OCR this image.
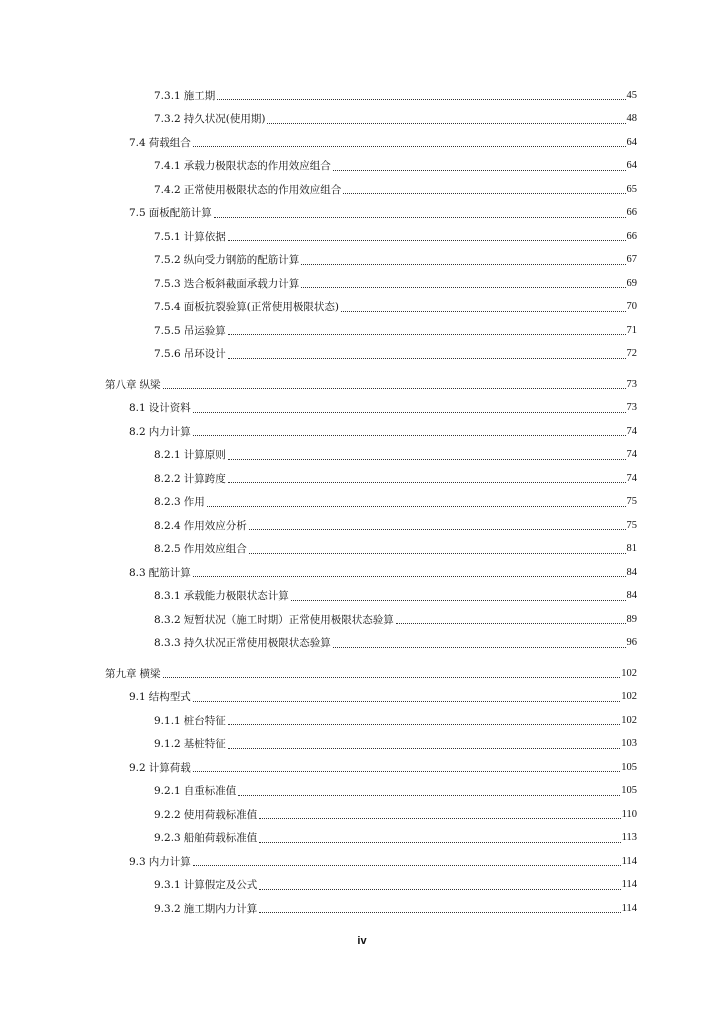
7.3.1 施工期	45
7.3.2 持久状况(使用期)	48
7.4 荷载组合	64
7.4.1 承载力极限状态的作用效应组合	64
7.4.2 正常使用极限状态的作用效应组合	65
7.5 面板配筋计算	66
7.5.1 计算依据	66
7.5.2 纵向受力钢筋的配筋计算	67
7.5.3 迭合板斜截面承载力计算	69
7.5.4 面板抗裂验算(正常使用极限状态)	70
7.5.5 吊运验算	71
7.5.6 吊环设计	72
第八章 纵梁	73
8.1 设计资料	73
8.2 内力计算	74
8.2.1 计算原则	74
8.2.2 计算跨度	74
8.2.3 作用	75
8.2.4 作用效应分析	75
8.2.5 作用效应组合	81
8.3 配筋计算	84
8.3.1 承载能力极限状态计算	84
8.3.2 短暂状况（施工时期）正常使用极限状态验算	89
8.3.3 持久状况正常使用极限状态验算	96
第九章 横梁	102
9.1 结构型式	102
9.1.1 桩台特征	102
9.1.2 基桩特征	103
9.2 计算荷载	105
9.2.1 自重标准值	105
9.2.2 使用荷载标准值	110
9.2.3 船舶荷载标准值	113
9.3 内力计算	114
9.3.1 计算假定及公式	114
9.3.2 施工期内力计算	114
iv
